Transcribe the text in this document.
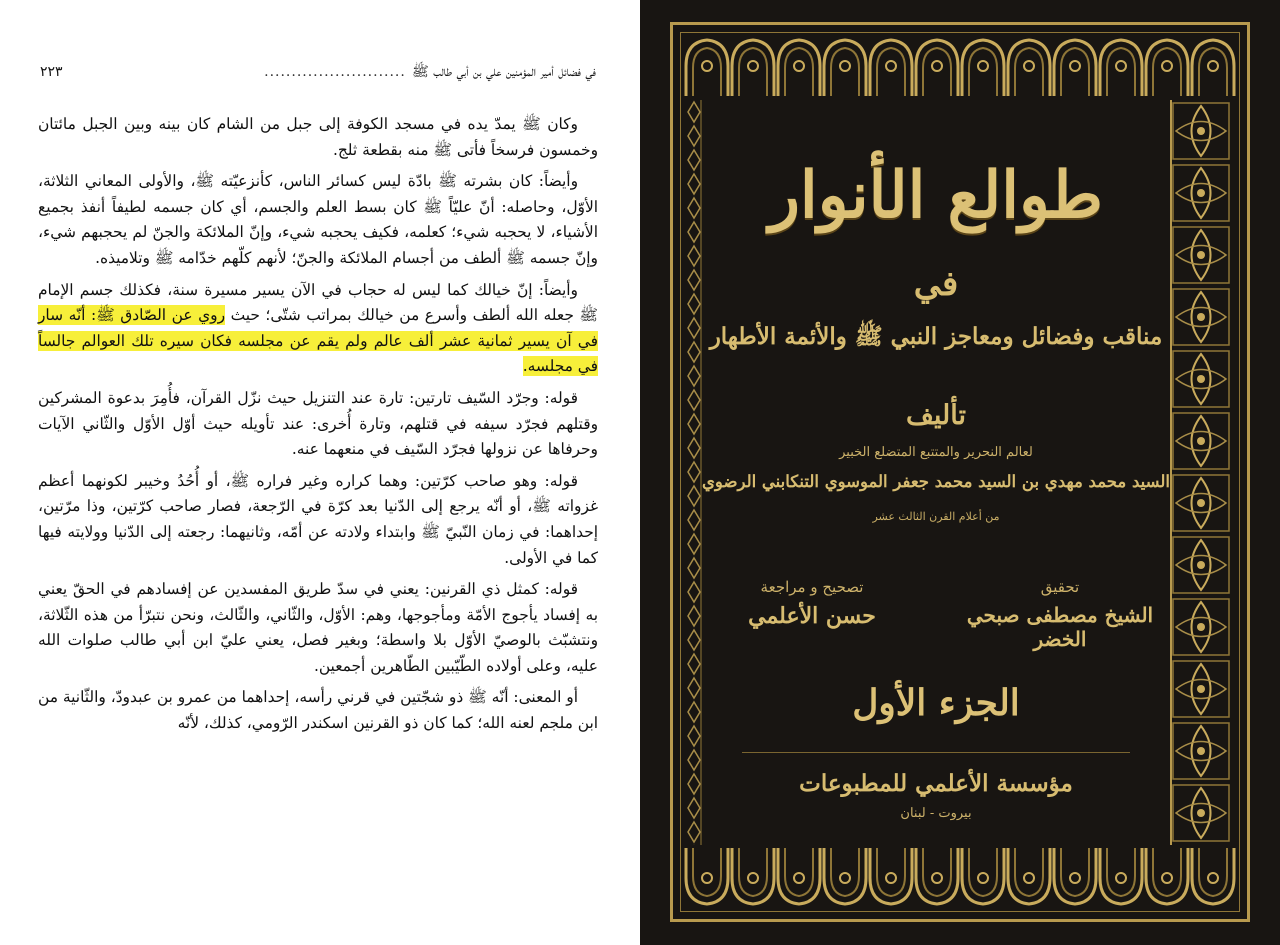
في فضائل أمير المؤمنين علي بن أبي طالب ﷺ
..........................
٢٢٣

وكان ﷺ يمدّ يده في مسجد الكوفة إلى جبل من الشام كان بينه وبين الجبل مائتان وخمسون فرسخاً فأتى ﷺ منه بقطعة ثلج.

وأيضاً: كان بشرته ﷺ بادّة ليس كسائر الناس، كأنزعيّته ﷺ، والأولى المعاني الثلاثة، الأوّل، وحاصله: أنّ عليّاً ﷺ كان بسط العلم والجسم، أي كان جسمه لطيفاً أنفذ بجميع الأشياء، لا يحجبه شيء؛ كعلمه، فكيف يحجبه شيء، وإنّ الملائكة والجنّ لم يحجبهم شيء، وإنّ جسمه ﷺ ألطف من أجسام الملائكة والجنّ؛ لأنهم كلّهم خدّامه ﷺ وتلاميذه.

وأيضاً: إنّ خيالك كما ليس له حجاب في الآن يسير مسيرة سنة، فكذلك جسم الإمام ﷺ جعله الله ألطف وأسرع من خيالك بمراتب شتّى؛ حيث روي عن الصّادق ﷺ: أنّه سار في آن يسير ثمانية عشر ألف عالم ولم يقم عن مجلسه فكان سيره تلك العوالم جالساً في مجلسه.

قوله: وجرّد السّيف تارتين: تارة عند التنزيل حيث نزّل القرآن، فأُمِرَ بدعوة المشركين وقتلهم فجرّد سيفه في قتلهم، وتارة أُخرى: عند تأويله حيث أوّل الأوّل والثّاني الآيات وحرفاها عن نزولها فجرّد السّيف في منعهما عنه.

قوله: وهو صاحب كرّتين: وهما كراره وغير فراره ﷺ، أو أُحُدُ وخيبر لكونهما أعظم غزواته ﷺ، أو أنّه يرجع إلى الدّنيا بعد كرّة في الرّجعة، فصار صاحب كرّتين، وذا مرّتين، إحداهما: في زمان النّبيّ ﷺ وابتداء ولادته عن أمّه، وثانيهما: رجعته إلى الدّنيا وولايته فيها كما في الأولى.

قوله: كمثل ذي القرنين: يعني في سدّ طريق المفسدين عن إفسادهم في الحقّ يعني به إفساد يأجوج الأمّة ومأجوجها، وهم: الأوّل، والثّاني، والثّالث، ونحن نتبرّأ من هذه الثّلاثة، ونتشبّث بالوصيّ الأوّل بلا واسطة؛ وبغير فصل، يعني عليّ ابن أبي طالب صلوات الله عليه، وعلى أولاده الطّيّبين الطّاهرين أجمعين.

أو المعنى: أنّه ﷺ ذو شجّتين في قرني رأسه، إحداهما من عمرو بن عبدودّ، والثّانية من ابن ملجم لعنه الله؛ كما كان ذو القرنين اسكندر الرّومي، كذلك، لأنّه

طوالع الأنوار
في
مناقب وفضائل ومعاجز النبي ﷺ والأئمة الأطهار
تأليف
لعالم النحرير والمتتبع المتضلع الخبير
السيد محمد مهدي بن السيد محمد جعفر الموسوي التنكابني الرضوي
من أعلام القرن الثالث عشر
تحقيق
الشيخ مصطفى صبحي الخضر
تصحيح و مراجعة
حسن الأعلمي
الجزء الأول
مؤسسة الأعلمي للمطبوعات
بيروت - لبنان
